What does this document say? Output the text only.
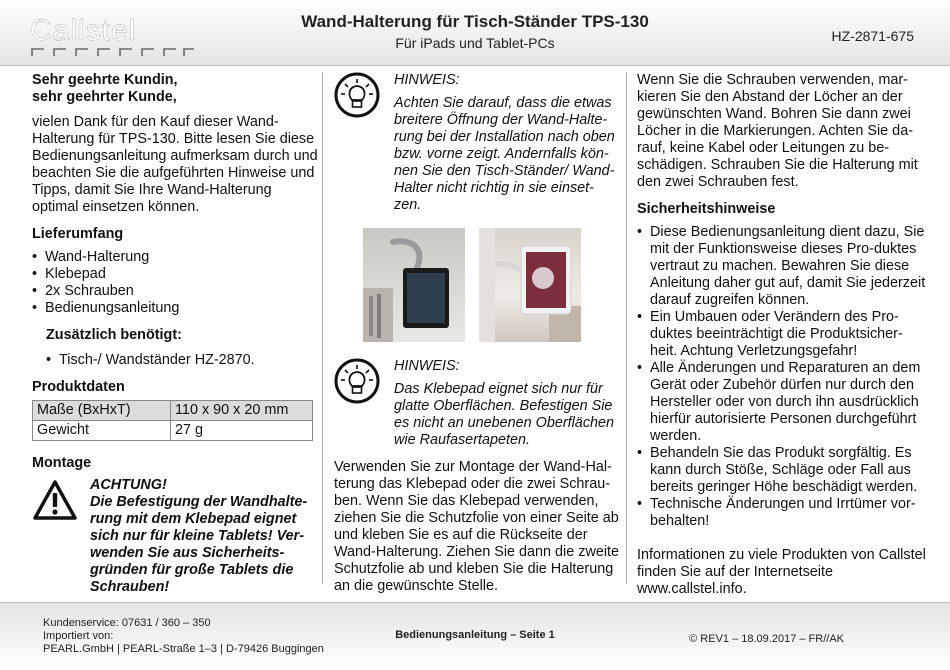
Callstel	Wand-Halterung für Tisch-Ständer TPS-130
Für iPads und Tablet-PCs	HZ-2871-675

Sehr geehrte Kundin,

sehr geehrter Kunde,

vielen Dank für den Kauf dieser Wand-Halterung für TPS-130. Bitte lesen Sie diese Bedienungsanleitung aufmerksam durch und beachten Sie die aufgeführten Hinweise und Tipps, damit Sie Ihre Wand-Halterung optimal einsetzen können.

Lieferumfang

• Wand-Halterung
• Klebepad
• 2x Schrauben
• Bedienungsanleitung

Zusätzlich benötigt:

• Tisch-/ Wandständer HZ-2870.

Produktdaten

Maße (BxHxT)	110 x 90 x 20 mm
Gewicht	27 g

Montage

ACHTUNG!

Die Befestigung der Wandhalte-rung mit dem Klebepad eignet sich nur für kleine Tablets! Ver-wenden Sie aus Sicherheits-gründen für große Tablets die Schrauben!

HINWEIS:

Achten Sie darauf, dass die etwas breitere Öffnung der Wand-Halte-rung bei der Installation nach oben bzw. vorne zeigt. Andernfalls kön-nen Sie den Tisch-Ständer/ Wand-Halter nicht richtig in sie einset-zen.

HINWEIS:

Das Klebepad eignet sich nur für glatte Oberflächen. Befestigen Sie es nicht an unebenen Oberflächen wie Raufasertapeten.

Verwenden Sie zur Montage der Wand-Hal-terung das Klebepad oder die zwei Schrau-ben. Wenn Sie das Klebepad verwenden, ziehen Sie die Schutzfolie von einer Seite ab und kleben Sie es auf die Rückseite der Wand-Halterung. Ziehen Sie dann die zweite Schutzfolie ab und kleben Sie die Halterung an die gewünschte Stelle.

Wenn Sie die Schrauben verwenden, mar-kieren Sie den Abstand der Löcher an der gewünschten Wand. Bohren Sie dann zwei Löcher in die Markierungen. Achten Sie da-rauf, keine Kabel oder Leitungen zu be-schädigen. Schrauben Sie die Halterung mit den zwei Schrauben fest.

Sicherheitshinweise

• Diese Bedienungsanleitung dient dazu, Sie mit der Funktionsweise dieses Pro-duktes vertraut zu machen. Bewahren Sie diese Anleitung daher gut auf, damit Sie jederzeit darauf zugreifen können.
• Ein Umbauen oder Verändern des Pro-duktes beeinträchtigt die Produktsicher-heit. Achtung Verletzungsgefahr!
• Alle Änderungen und Reparaturen an dem Gerät oder Zubehör dürfen nur durch den Hersteller oder von durch ihn ausdrücklich hierfür autorisierte Personen durchgeführt werden.
• Behandeln Sie das Produkt sorgfältig. Es kann durch Stöße, Schläge oder Fall aus bereits geringer Höhe beschädigt werden.
• Technische Änderungen und Irrtümer vor-behalten!

Informationen zu viele Produkten von Callstel finden Sie auf der Internetseite www.callstel.info.

Kundenservice: 07631 / 360 – 350
Importiert von:
PEARL.GmbH | PEARL-Straße 1–3 | D-79426 Buggingen
Bedienungsanleitung – Seite 1	© REV1 – 18.09.2017 – FR//AK
